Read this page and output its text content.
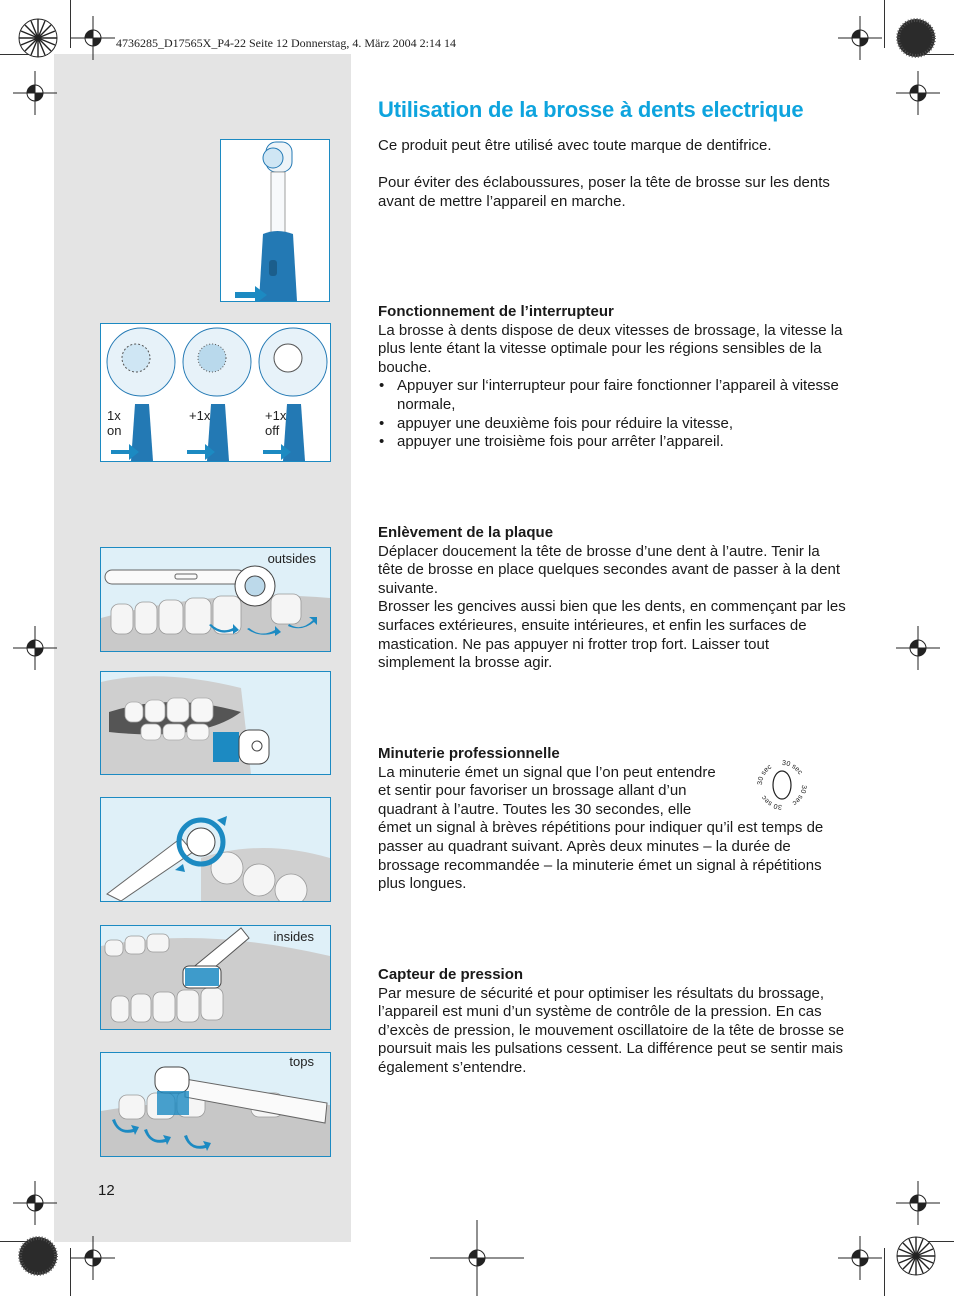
4736285_D17565X_P4-22 Seite 12 Donnerstag, 4. März 2004 2:14 14
Utilisation de la brosse à dents electrique

Ce produit peut être utilisé avec toute marque de dentifrice.

Pour éviter des éclaboussures, poser la tête de brosse sur les dents avant de mettre l’appareil en marche.

Fonctionnement de l’interrupteur

La brosse à dents dispose de deux vitesses de brossage, la vitesse la plus lente étant la vitesse optimale pour les régions sensibles de la bouche.

• Appuyer sur l‘interrupteur pour faire fonctionner l’appareil à vitesse normale,
• appuyer une deuxième fois pour réduire la vitesse,
• appuyer une troisième fois pour arrêter l’appareil.

Enlèvement de la plaque

Déplacer doucement la tête de brosse d’une dent à l’autre. Tenir la tête de brosse en place quelques secondes avant de passer à la dent suivante.

Brosser les gencives aussi bien que les dents, en commençant par les surfaces extérieures, ensuite intérieures, et enfin les surfaces de mastication. Ne pas appuyer ni frotter trop fort. Laisser tout simplement la brosse agir.

Minuterie professionnelle

La minuterie émet un signal que l’on peut entendre

et sentir pour favoriser un brossage allant d’un

quadrant à l’autre. Toutes les 30 secondes, elle

émet un signal à brèves répétitions pour indiquer qu’il est temps de passer au quadrant suivant. Après deux minutes – la durée de brossage recommandée – la minuterie émet un signal à répétitions plus longues.

30 sec 30 sec
30 sec
30 sec

Capteur de pression

Par mesure de sécurité et pour optimiser les résultats du brossage, l’appareil est muni d’un système de contrôle de la pression. En cas d’excès de pression, le mouvement oscillatoire de la tête de brosse se poursuit mais les pulsations cessent. La différence peut se sentir mais également s’entendre.

1x
on
+1x	+1x
off
outsides
insides
tops
12
